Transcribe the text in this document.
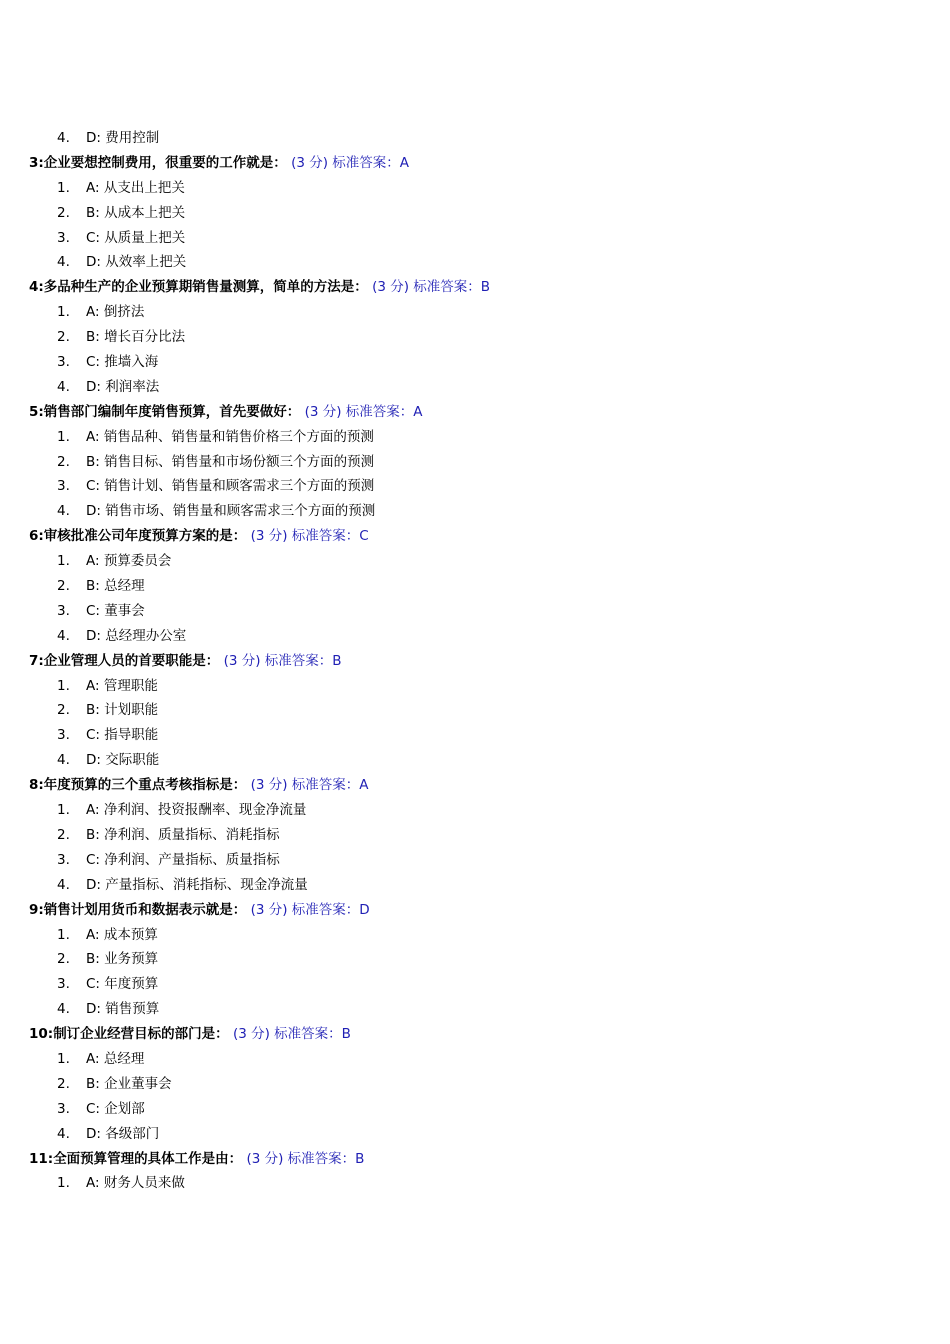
4. D: 费用控制
3:企业要想控制费用，很重要的工作就是： (3 分) 标准答案：A
1. A: 从支出上把关
2. B: 从成本上把关
3. C: 从质量上把关
4. D: 从效率上把关
4:多品种生产的企业预算期销售量测算，简单的方法是： (3 分) 标准答案：B
1. A: 倒挤法
2. B: 增长百分比法
3. C: 推墙入海
4. D: 利润率法
5:销售部门编制年度销售预算，首先要做好： (3 分) 标准答案：A
1. A: 销售品种、销售量和销售价格三个方面的预测
2. B: 销售目标、销售量和市场份额三个方面的预测
3. C: 销售计划、销售量和顾客需求三个方面的预测
4. D: 销售市场、销售量和顾客需求三个方面的预测
6:审核批准公司年度预算方案的是： (3 分) 标准答案：C
1. A: 预算委员会
2. B: 总经理
3. C: 董事会
4. D: 总经理办公室
7:企业管理人员的首要职能是： (3 分) 标准答案：B
1. A: 管理职能
2. B: 计划职能
3. C: 指导职能
4. D: 交际职能
8:年度预算的三个重点考核指标是： (3 分) 标准答案：A
1. A: 净利润、投资报酬率、现金净流量
2. B: 净利润、质量指标、消耗指标
3. C: 净利润、产量指标、质量指标
4. D: 产量指标、消耗指标、现金净流量
9:销售计划用货币和数据表示就是： (3 分) 标准答案：D
1. A: 成本预算
2. B: 业务预算
3. C: 年度预算
4. D: 销售预算
10:制订企业经营目标的部门是： (3 分) 标准答案：B
1. A: 总经理
2. B: 企业董事会
3. C: 企划部
4. D: 各级部门
11:全面预算管理的具体工作是由： (3 分) 标准答案：B
1. A: 财务人员来做
